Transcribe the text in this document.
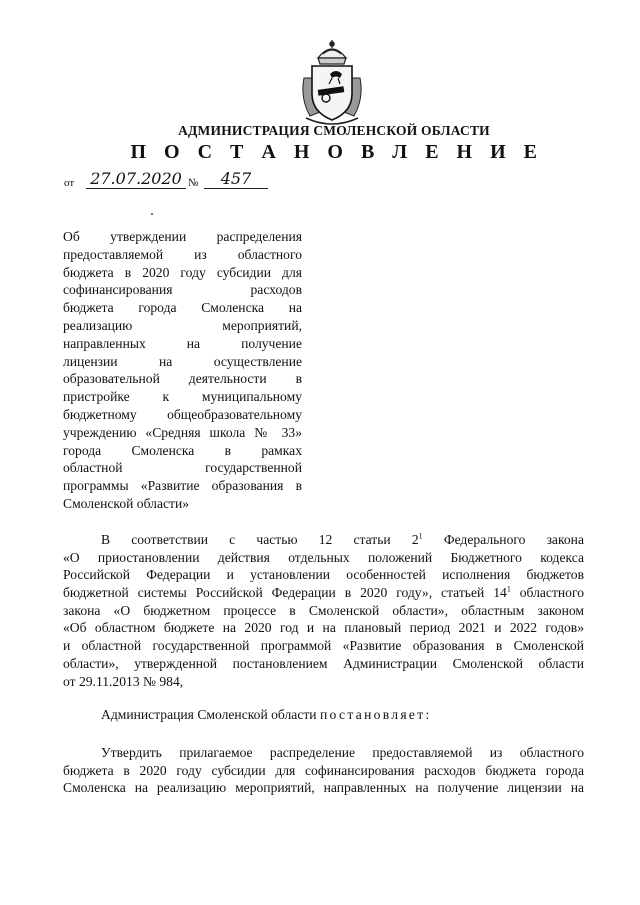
АДМИНИСТРАЦИЯ СМОЛЕНСКОЙ ОБЛАСТИ
П О С Т А Н О В Л Е Н И Е
от 27.07.2020 №	457
Об утверждении распределения
предоставляемой из областного
бюджета в 2020 году субсидии для
софинансирования расходов
бюджета города Смоленска на
реализацию мероприятий,
направленных на получение
лицензии на осуществление
образовательной деятельности в
пристройке к муниципальному
бюджетному общеобразовательному
учреждению «Средняя школа № 33»
города Смоленска в рамках
областной государственной
программы «Развитие образования в
Смоленской области»
В соответствии с частью 12 статьи $2^1$ Федерального закона
«О приостановлении действия отдельных положений Бюджетного кодекса
Российской Федерации и установлении особенностей исполнения бюджетов
бюджетной системы Российской Федерации в 2020 году», статьей $14^1$ областного
закона «О бюджетном процессе в Смоленской области», областным законом
«Об областном бюджете на 2020 год и на плановый период 2021 и 2022 годов»
и областной государственной программой «Развитие образования в Смоленской
области», утвержденной постановлением Администрации Смоленской области
от 29.11.2013 № 984,
Администрация Смоленской области постановляет:
Утвердить прилагаемое распределение предоставляемой из областного
бюджета в 2020 году субсидии для софинансирования расходов бюджета города
Смоленска на реализацию мероприятий, направленных на получение лицензии на
